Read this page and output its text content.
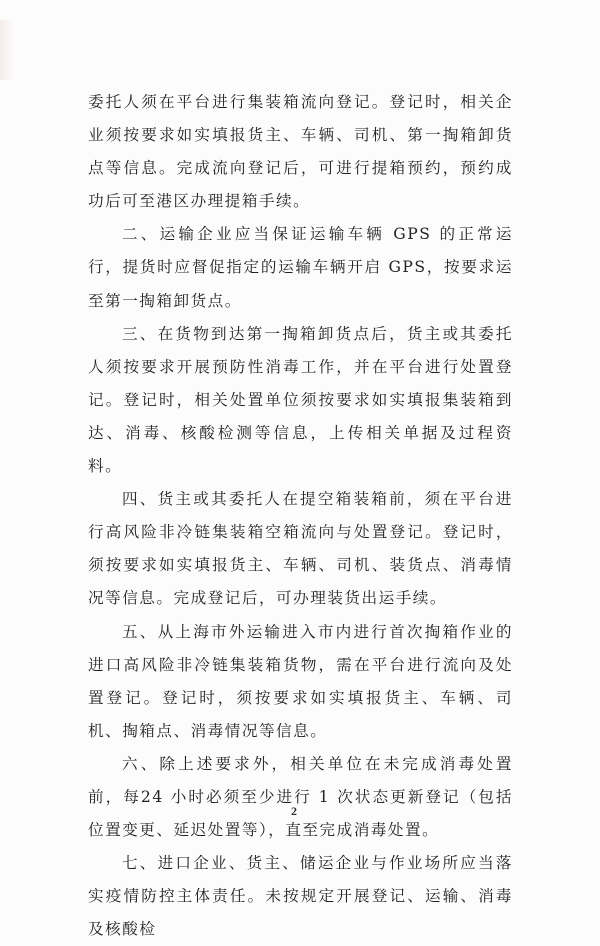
委托人须在平台进行集装箱流向登记。登记时，相关企业须按要求如实填报货主、车辆、司机、第一掏箱卸货点等信息。完成流向登记后，可进行提箱预约，预约成功后可至港区办理提箱手续。

二、运输企业应当保证运输车辆 GPS 的正常运行，提货时应督促指定的运输车辆开启 GPS，按要求运至第一掏箱卸货点。

三、在货物到达第一掏箱卸货点后，货主或其委托人须按要求开展预防性消毒工作，并在平台进行处置登记。登记时，相关处置单位须按要求如实填报集装箱到达、消毒、核酸检测等信息，上传相关单据及过程资料。

四、货主或其委托人在提空箱装箱前，须在平台进行高风险非冷链集装箱空箱流向与处置登记。登记时，须按要求如实填报货主、车辆、司机、装货点、消毒情况等信息。完成登记后，可办理装货出运手续。

五、从上海市外运输进入市内进行首次掏箱作业的进口高风险非冷链集装箱货物，需在平台进行流向及处置登记。登记时，须按要求如实填报货主、车辆、司机、掏箱点、消毒情况等信息。

六、除上述要求外，相关单位在未完成消毒处置前，每24 小时必须至少进行 1 次状态更新登记（包括位置变更、延迟处置等），直至完成消毒处置。

七、进口企业、货主、储运企业与作业场所应当落实疫情防控主体责任。未按规定开展登记、运输、消毒及核酸检

2
